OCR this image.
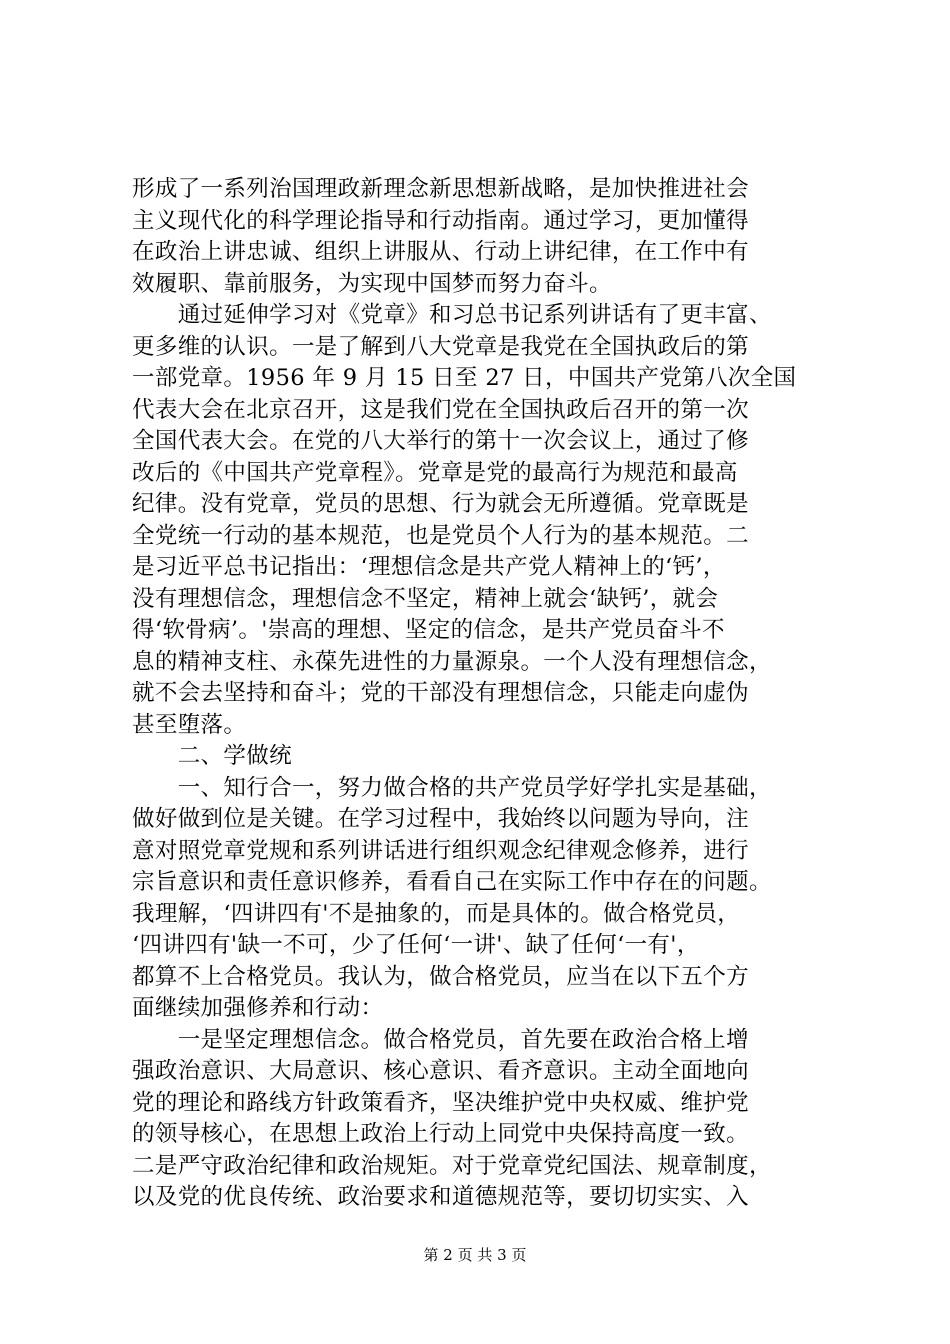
形成了一系列治国理政新理念新思想新战略，是加快推进社会
主义现代化的科学理论指导和行动指南。通过学习，更加懂得
在政治上讲忠诚、组织上讲服从、行动上讲纪律，在工作中有
效履职、靠前服务，为实现中国梦而努力奋斗。
　　通过延伸学习对《党章》和习总书记系列讲话有了更丰富、
更多维的认识。一是了解到八大党章是我党在全国执政后的第
一部党章。1956 年 9 月 15 日至 27 日，中国共产党第八次全国
代表大会在北京召开，这是我们党在全国执政后召开的第一次
全国代表大会。在党的八大举行的第十一次会议上，通过了修
改后的《中国共产党章程》。党章是党的最高行为规范和最高
纪律。没有党章，党员的思想、行为就会无所遵循。党章既是
全党统一行动的基本规范，也是党员个人行为的基本规范。二
是习近平总书记指出：‘理想信念是共产党人精神上的‘钙’，
没有理想信念，理想信念不坚定，精神上就会‘缺钙’，就会
得‘软骨病’。'崇高的理想、坚定的信念，是共产党员奋斗不
息的精神支柱、永葆先进性的力量源泉。一个人没有理想信念，
就不会去坚持和奋斗；党的干部没有理想信念，只能走向虚伪
甚至堕落。
　　二、学做统
　　一、知行合一，努力做合格的共产党员学好学扎实是基础，
做好做到位是关键。在学习过程中，我始终以问题为导向，注
意对照党章党规和系列讲话进行组织观念纪律观念修养，进行
宗旨意识和责任意识修养，看看自己在实际工作中存在的问题。
我理解，‘四讲四有'不是抽象的，而是具体的。做合格党员，
‘四讲四有'缺一不可，少了任何‘一讲'、缺了任何‘一有'，
都算不上合格党员。我认为，做合格党员，应当在以下五个方
面继续加强修养和行动：
　　一是坚定理想信念。做合格党员，首先要在政治合格上增
强政治意识、大局意识、核心意识、看齐意识。主动全面地向
党的理论和路线方针政策看齐，坚决维护党中央权威、维护党
的领导核心，在思想上政治上行动上同党中央保持高度一致。
二是严守政治纪律和政治规矩。对于党章党纪国法、规章制度，
以及党的优良传统、政治要求和道德规范等，要切切实实、入
第 2 页 共 3 页
